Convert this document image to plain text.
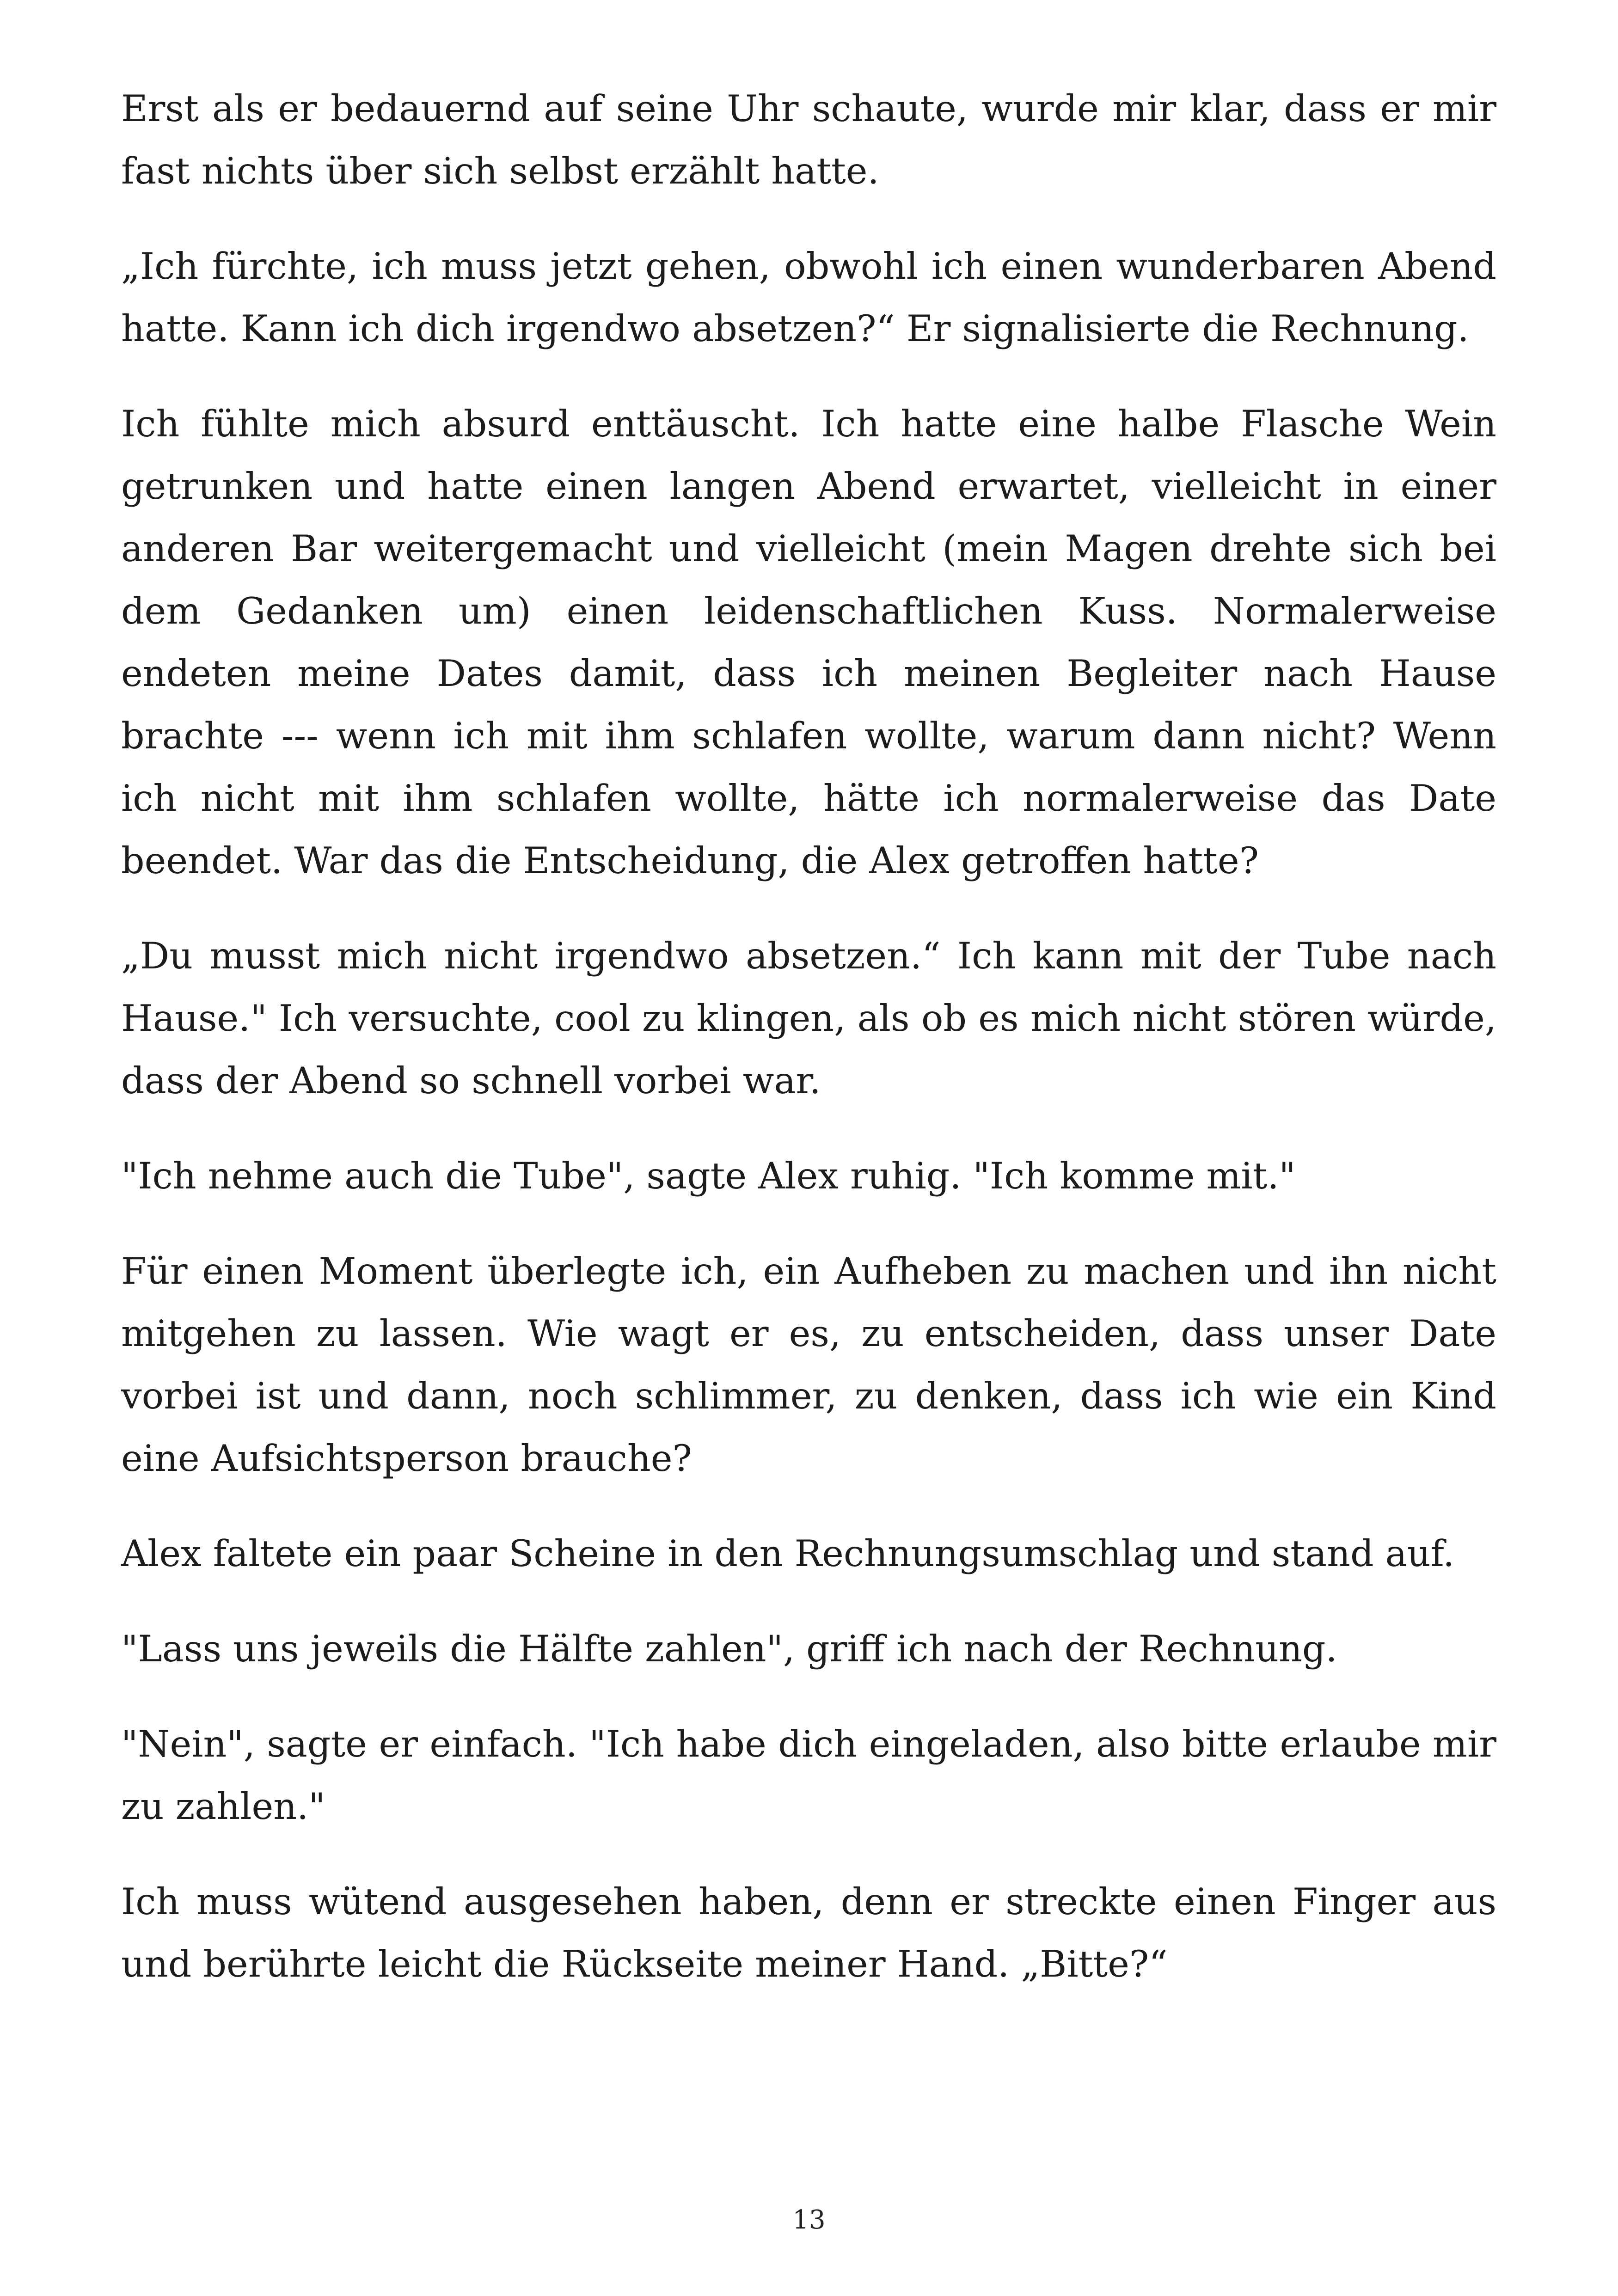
Erst als er bedauernd auf seine Uhr schaute, wurde mir klar, dass er mir fast nichts über sich selbst erzählt hatte.

„Ich fürchte, ich muss jetzt gehen, obwohl ich einen wunderbaren Abend hatte. Kann ich dich irgendwo absetzen?“ Er signalisierte die Rechnung.

Ich fühlte mich absurd enttäuscht. Ich hatte eine halbe Flasche Wein getrunken und hatte einen langen Abend erwartet, vielleicht in einer anderen Bar weitergemacht und vielleicht (mein Magen drehte sich bei dem Gedanken um) einen leidenschaftlichen Kuss. Normalerweise endeten meine Dates damit, dass ich meinen Begleiter nach Hause brachte --- wenn ich mit ihm schlafen wollte, warum dann nicht? Wenn ich nicht mit ihm schlafen wollte, hätte ich normalerweise das Date beendet. War das die Entscheidung, die Alex getroffen hatte?

„Du musst mich nicht irgendwo absetzen.“ Ich kann mit der Tube nach Hause." Ich versuchte, cool zu klingen, als ob es mich nicht stören würde, dass der Abend so schnell vorbei war.

"Ich nehme auch die Tube", sagte Alex ruhig. "Ich komme mit."

Für einen Moment überlegte ich, ein Aufheben zu machen und ihn nicht mitgehen zu lassen. Wie wagt er es, zu entscheiden, dass unser Date vorbei ist und dann, noch schlimmer, zu denken, dass ich wie ein Kind eine Aufsichtsperson brauche?

Alex faltete ein paar Scheine in den Rechnungsumschlag und stand auf.

"Lass uns jeweils die Hälfte zahlen", griff ich nach der Rechnung.

"Nein", sagte er einfach. "Ich habe dich eingeladen, also bitte erlaube mir zu zahlen."

Ich muss wütend ausgesehen haben, denn er streckte einen Finger aus und berührte leicht die Rückseite meiner Hand. „Bitte?“

13
